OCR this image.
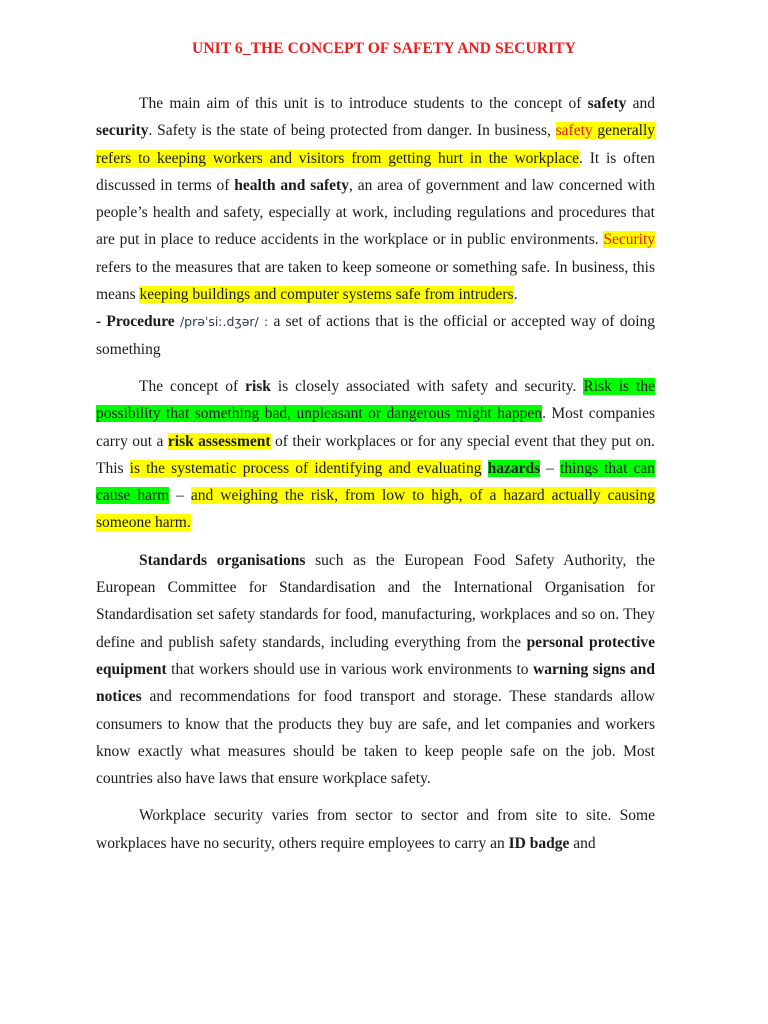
UNIT 6_THE CONCEPT OF SAFETY AND SECURITY

The main aim of this unit is to introduce students to the concept of safety and security. Safety is the state of being protected from danger. In business, safety generally refers to keeping workers and visitors from getting hurt in the workplace. It is often discussed in terms of health and safety, an area of government and law concerned with people’s health and safety, especially at work, including regulations and procedures that are put in place to reduce accidents in the workplace or in public environments. Security refers to the measures that are taken to keep someone or something safe. In business, this means keeping buildings and computer systems safe from intruders.

- Procedure /prəˈsiː.dʒər/ : a set of actions that is the official or accepted way of doing something

The concept of risk is closely associated with safety and security. Risk is the possibility that something bad, unpleasant or dangerous might happen. Most companies carry out a risk assessment of their workplaces or for any special event that they put on. This is the systematic process of identifying and evaluating hazards – things that can cause harm – and weighing the risk, from low to high, of a hazard actually causing someone harm.

Standards organisations such as the European Food Safety Authority, the European Committee for Standardisation and the International Organisation for Standardisation set safety standards for food, manufacturing, workplaces and so on. They define and publish safety standards, including everything from the personal protective equipment that workers should use in various work environments to warning signs and notices and recommendations for food transport and storage. These standards allow consumers to know that the products they buy are safe, and let companies and workers know exactly what measures should be taken to keep people safe on the job. Most countries also have laws that ensure workplace safety.

Workplace security varies from sector to sector and from site to site. Some workplaces have no security, others require employees to carry an ID badge and
